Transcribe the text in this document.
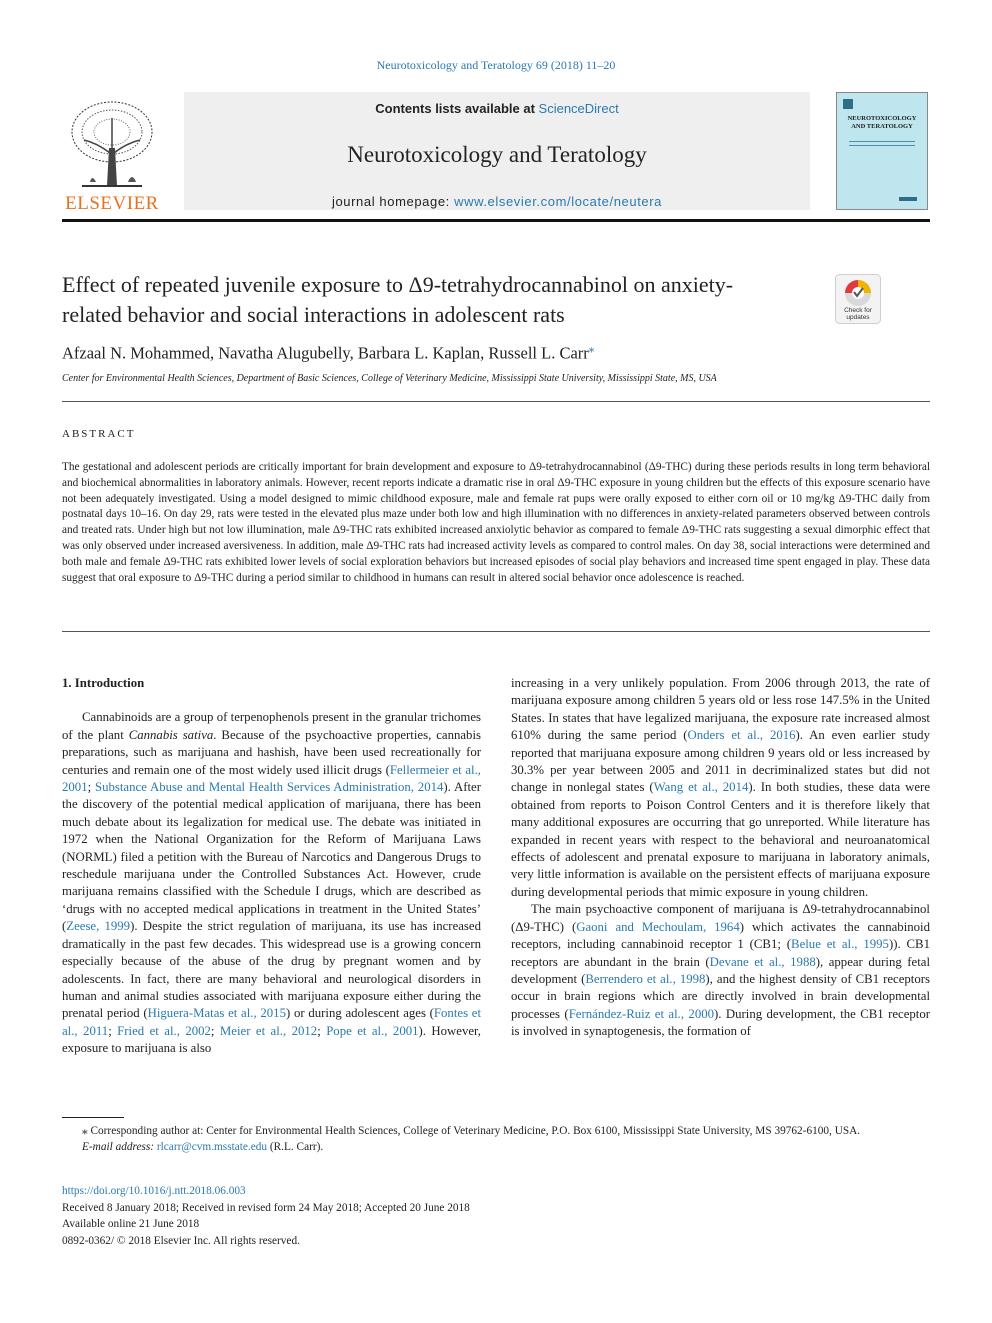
Neurotoxicology and Teratology 69 (2018) 11–20
ELSEVIER
Contents lists available at ScienceDirect
Neurotoxicology and Teratology
journal homepage: www.elsevier.com/locate/neutera
NEUROTOXICOLOGY AND TERATOLOGY
Effect of repeated juvenile exposure to Δ9-tetrahydrocannabinol on anxiety-
related behavior and social interactions in adolescent rats	Check for updates
Afzaal N. Mohammed, Navatha Alugubelly, Barbara L. Kaplan, Russell L. Carr⁎
Center for Environmental Health Sciences, Department of Basic Sciences, College of Veterinary Medicine, Mississippi State University, Mississippi State, MS, USA
ABSTRACT
The gestational and adolescent periods are critically important for brain development and exposure to Δ9-tetrahydrocannabinol (Δ9-THC) during these periods results in long term behavioral and biochemical abnormalities in laboratory animals. However, recent reports indicate a dramatic rise in oral Δ9-THC exposure in young children but the effects of this exposure scenario have not been adequately investigated. Using a model designed to mimic childhood exposure, male and female rat pups were orally exposed to either corn oil or 10 mg/kg Δ9-THC daily from postnatal days 10–16. On day 29, rats were tested in the elevated plus maze under both low and high illumination with no differences in anxiety-related parameters observed between controls and treated rats. Under high but not low illumination, male Δ9-THC rats exhibited increased anxiolytic behavior as compared to female Δ9-THC rats suggesting a sexual dimorphic effect that was only observed under increased aversiveness. In addition, male Δ9-THC rats had increased activity levels as compared to control males. On day 38, social interactions were determined and both male and female Δ9-THC rats exhibited lower levels of social exploration behaviors but increased episodes of social play behaviors and increased time spent engaged in play. These data suggest that oral exposure to Δ9-THC during a period similar to childhood in humans can result in altered social behavior once adolescence is reached.

1. Introduction

Cannabinoids are a group of terpenophenols present in the granular trichomes of the plant Cannabis sativa. Because of the psychoactive properties, cannabis preparations, such as marijuana and hashish, have been used recreationally for centuries and remain one of the most widely used illicit drugs (Fellermeier et al., 2001; Substance Abuse and Mental Health Services Administration, 2014). After the discovery of the potential medical application of marijuana, there has been much debate about its legalization for medical use. The debate was initiated in 1972 when the National Organization for the Reform of Marijuana Laws (NORML) filed a petition with the Bureau of Narcotics and Dangerous Drugs to reschedule marijuana under the Controlled Substances Act. However, crude marijuana remains classified with the Schedule I drugs, which are described as ‘drugs with no accepted medical applications in treatment in the United States’ (Zeese, 1999). Despite the strict regulation of marijuana, its use has increased dramatically in the past few decades. This widespread use is a growing concern especially because of the abuse of the drug by pregnant women and by adolescents. In fact, there are many behavioral and neurological disorders in human and animal studies associated with marijuana exposure either during the prenatal period (Higuera-Matas et al., 2015) or during adolescent ages (Fontes et al., 2011; Fried et al., 2002; Meier et al., 2012; Pope et al., 2001). However, exposure to marijuana is also

increasing in a very unlikely population. From 2006 through 2013, the rate of marijuana exposure among children 5 years old or less rose 147.5% in the United States. In states that have legalized marijuana, the exposure rate increased almost 610% during the same period (Onders et al., 2016). An even earlier study reported that marijuana exposure among children 9 years old or less increased by 30.3% per year between 2005 and 2011 in decriminalized states but did not change in nonlegal states (Wang et al., 2014). In both studies, these data were obtained from reports to Poison Control Centers and it is therefore likely that many additional exposures are occurring that go unreported. While literature has expanded in recent years with respect to the behavioral and neuroanatomical effects of adolescent and prenatal exposure to marijuana in laboratory animals, very little information is available on the persistent effects of marijuana exposure during developmental periods that mimic exposure in young children.

The main psychoactive component of marijuana is Δ9-tetrahydrocannabinol (Δ9-THC) (Gaoni and Mechoulam, 1964) which activates the cannabinoid receptors, including cannabinoid receptor 1 (CB1; (Belue et al., 1995)). CB1 receptors are abundant in the brain (Devane et al., 1988), appear during fetal development (Berrendero et al., 1998), and the highest density of CB1 receptors occur in brain regions which are directly involved in brain developmental processes (Fernández-Ruiz et al., 2000). During development, the CB1 receptor is involved in synaptogenesis, the formation of

⁎ Corresponding author at: Center for Environmental Health Sciences, College of Veterinary Medicine, P.O. Box 6100, Mississippi State University, MS 39762-6100, USA.
E-mail address: rlcarr@cvm.msstate.edu (R.L. Carr).
https://doi.org/10.1016/j.ntt.2018.06.003
Received 8 January 2018; Received in revised form 24 May 2018; Accepted 20 June 2018
Available online 21 June 2018
0892-0362/ © 2018 Elsevier Inc. All rights reserved.
